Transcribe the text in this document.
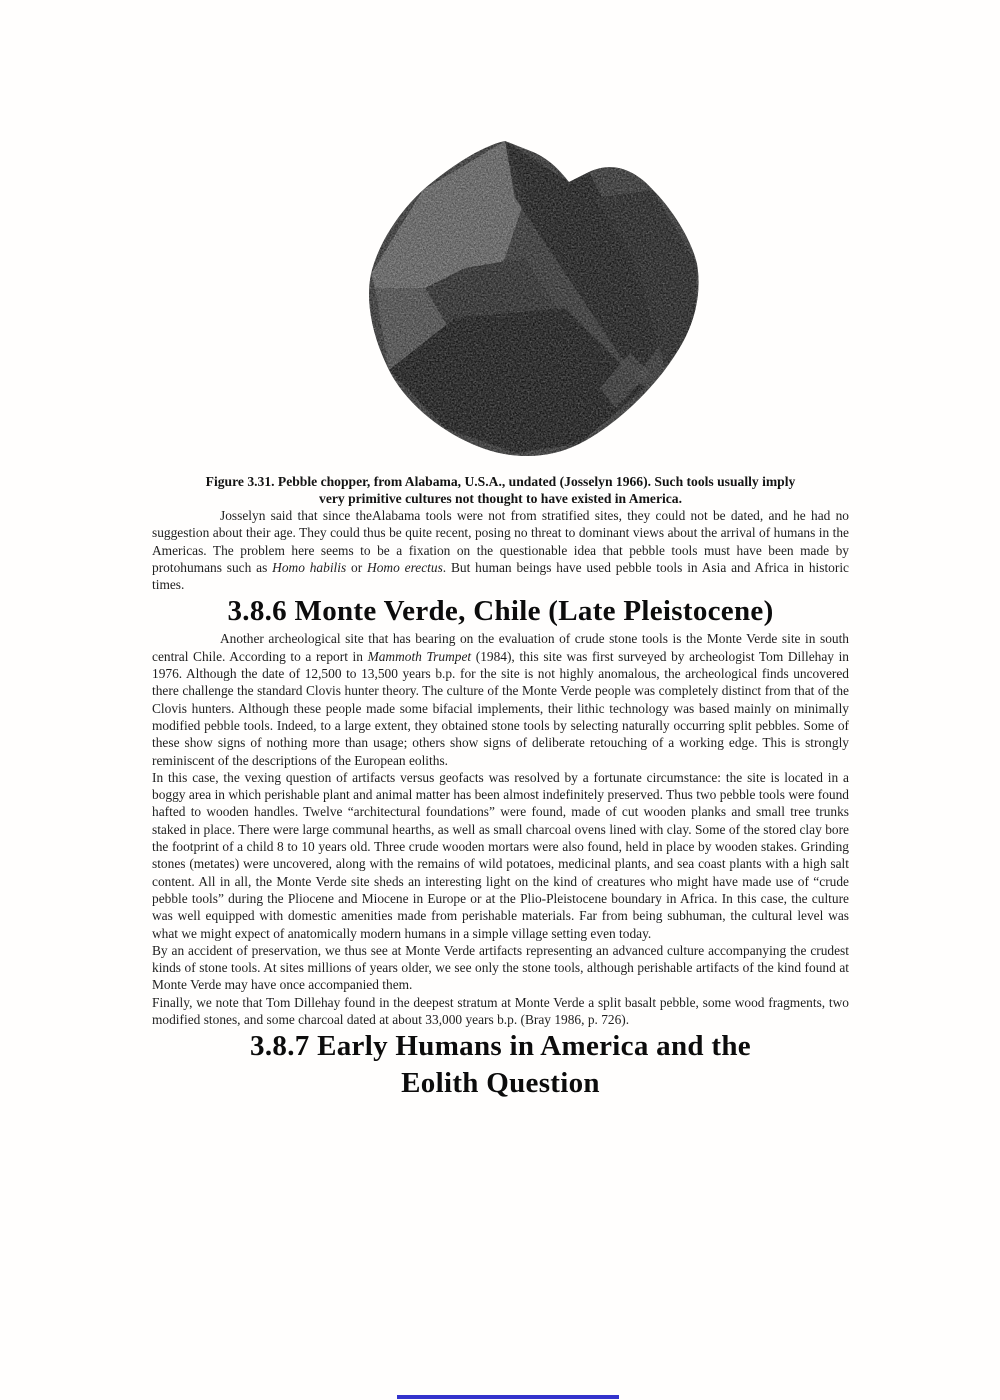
Figure 3.31. Pebble chopper, from Alabama, U.S.A., undated (Josselyn 1966). Such tools usually imply
very primitive cultures not thought to have existed in America.

Josselyn said that since theAlabama tools were not from stratified sites, they could not be dated, and he had no suggestion about their age. They could thus be quite recent, posing no threat to dominant views about the arrival of humans in the Americas. The problem here seems to be a fixation on the questionable idea that pebble tools must have been made by protohumans such as Homo habilis or Homo erectus. But human beings have used pebble tools in Asia and Africa in historic times.

3.8.6 Monte Verde, Chile (Late Pleistocene)

Another archeological site that has bearing on the evaluation of crude stone tools is the Monte Verde site in south central Chile. According to a report in Mammoth Trumpet (1984), this site was first surveyed by archeologist Tom Dillehay in 1976. Although the date of 12,500 to 13,500 years b.p. for the site is not highly anomalous, the archeological finds uncovered there challenge the standard Clovis hunter theory. The culture of the Monte Verde people was completely distinct from that of the Clovis hunters. Although these people made some bifacial implements, their lithic technology was based mainly on minimally modified pebble tools. Indeed, to a large extent, they obtained stone tools by selecting naturally occurring split pebbles. Some of these show signs of nothing more than usage; others show signs of deliberate retouching of a working edge. This is strongly reminiscent of the descriptions of the European eoliths.

In this case, the vexing question of artifacts versus geofacts was resolved by a fortunate circumstance: the site is located in a boggy area in which perishable plant and animal matter has been almost indefinitely preserved. Thus two pebble tools were found hafted to wooden handles. Twelve “architectural foundations” were found, made of cut wooden planks and small tree trunks staked in place. There were large communal hearths, as well as small charcoal ovens lined with clay. Some of the stored clay bore the footprint of a child 8 to 10 years old. Three crude wooden mortars were also found, held in place by wooden stakes. Grinding stones (metates) were uncovered, along with the remains of wild potatoes, medicinal plants, and sea coast plants with a high salt content. All in all, the Monte Verde site sheds an interesting light on the kind of creatures who might have made use of “crude pebble tools” during the Pliocene and Miocene in Europe or at the Plio-Pleistocene boundary in Africa. In this case, the culture was well equipped with domestic amenities made from perishable materials. Far from being subhuman, the cultural level was what we might expect of anatomically modern humans in a simple village setting even today.

By an accident of preservation, we thus see at Monte Verde artifacts representing an advanced culture accompanying the crudest kinds of stone tools. At sites millions of years older, we see only the stone tools, although perishable artifacts of the kind found at Monte Verde may have once accompanied them.

Finally, we note that Tom Dillehay found in the deepest stratum at Monte Verde a split basalt pebble, some wood fragments, two modified stones, and some charcoal dated at about 33,000 years b.p. (Bray 1986, p. 726).

3.8.7 Early Humans in America and the
Eolith Question
